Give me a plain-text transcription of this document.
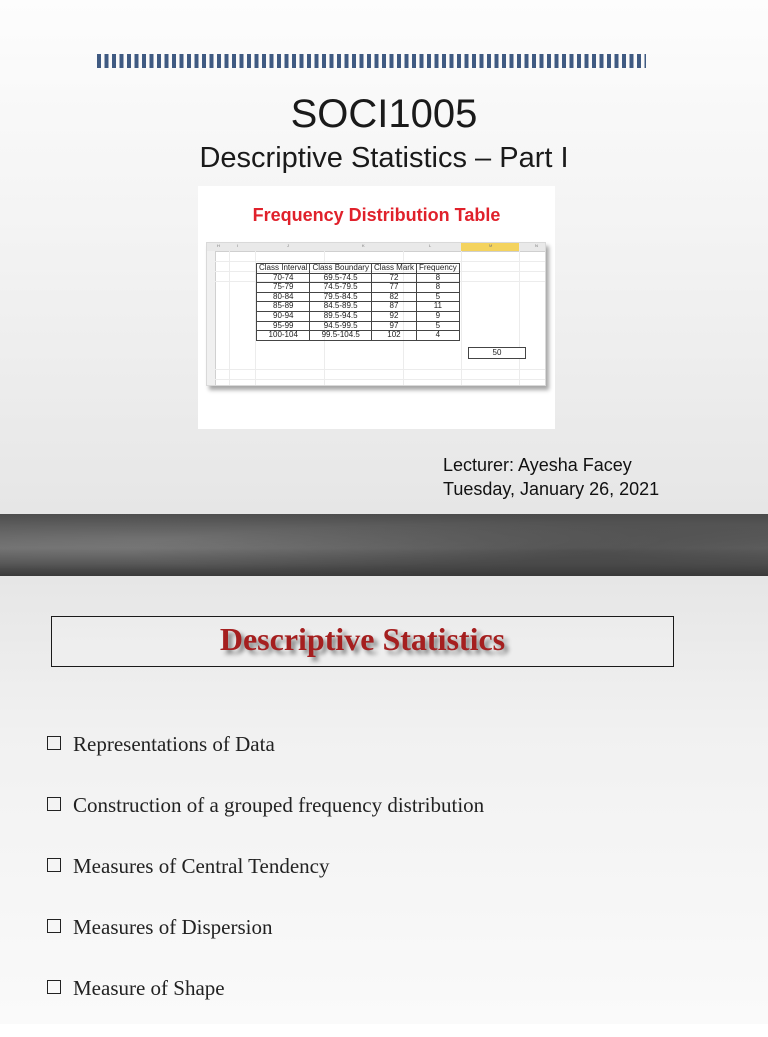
SOCI1005
Descriptive Statistics – Part I
Frequency Distribution Table
H	I	J	K	L	M	N
Class Interval	Class Boundary	Class Mark	Frequency
70-74	69.5-74.5	72	8
75-79	74.5-79.5	77	8
80-84	79.5-84.5	82	5
85-89	84.5-89.5	87	11
90-94	89.5-94.5	92	9
95-99	94.5-99.5	97	5
100-104	99.5-104.5	102	4
50
Lecturer: Ayesha Facey
Tuesday, January 26, 2021
Descriptive Statistics
Representations of Data
Construction of a grouped frequency distribution
Measures of Central Tendency
Measures of Dispersion
Measure of Shape
